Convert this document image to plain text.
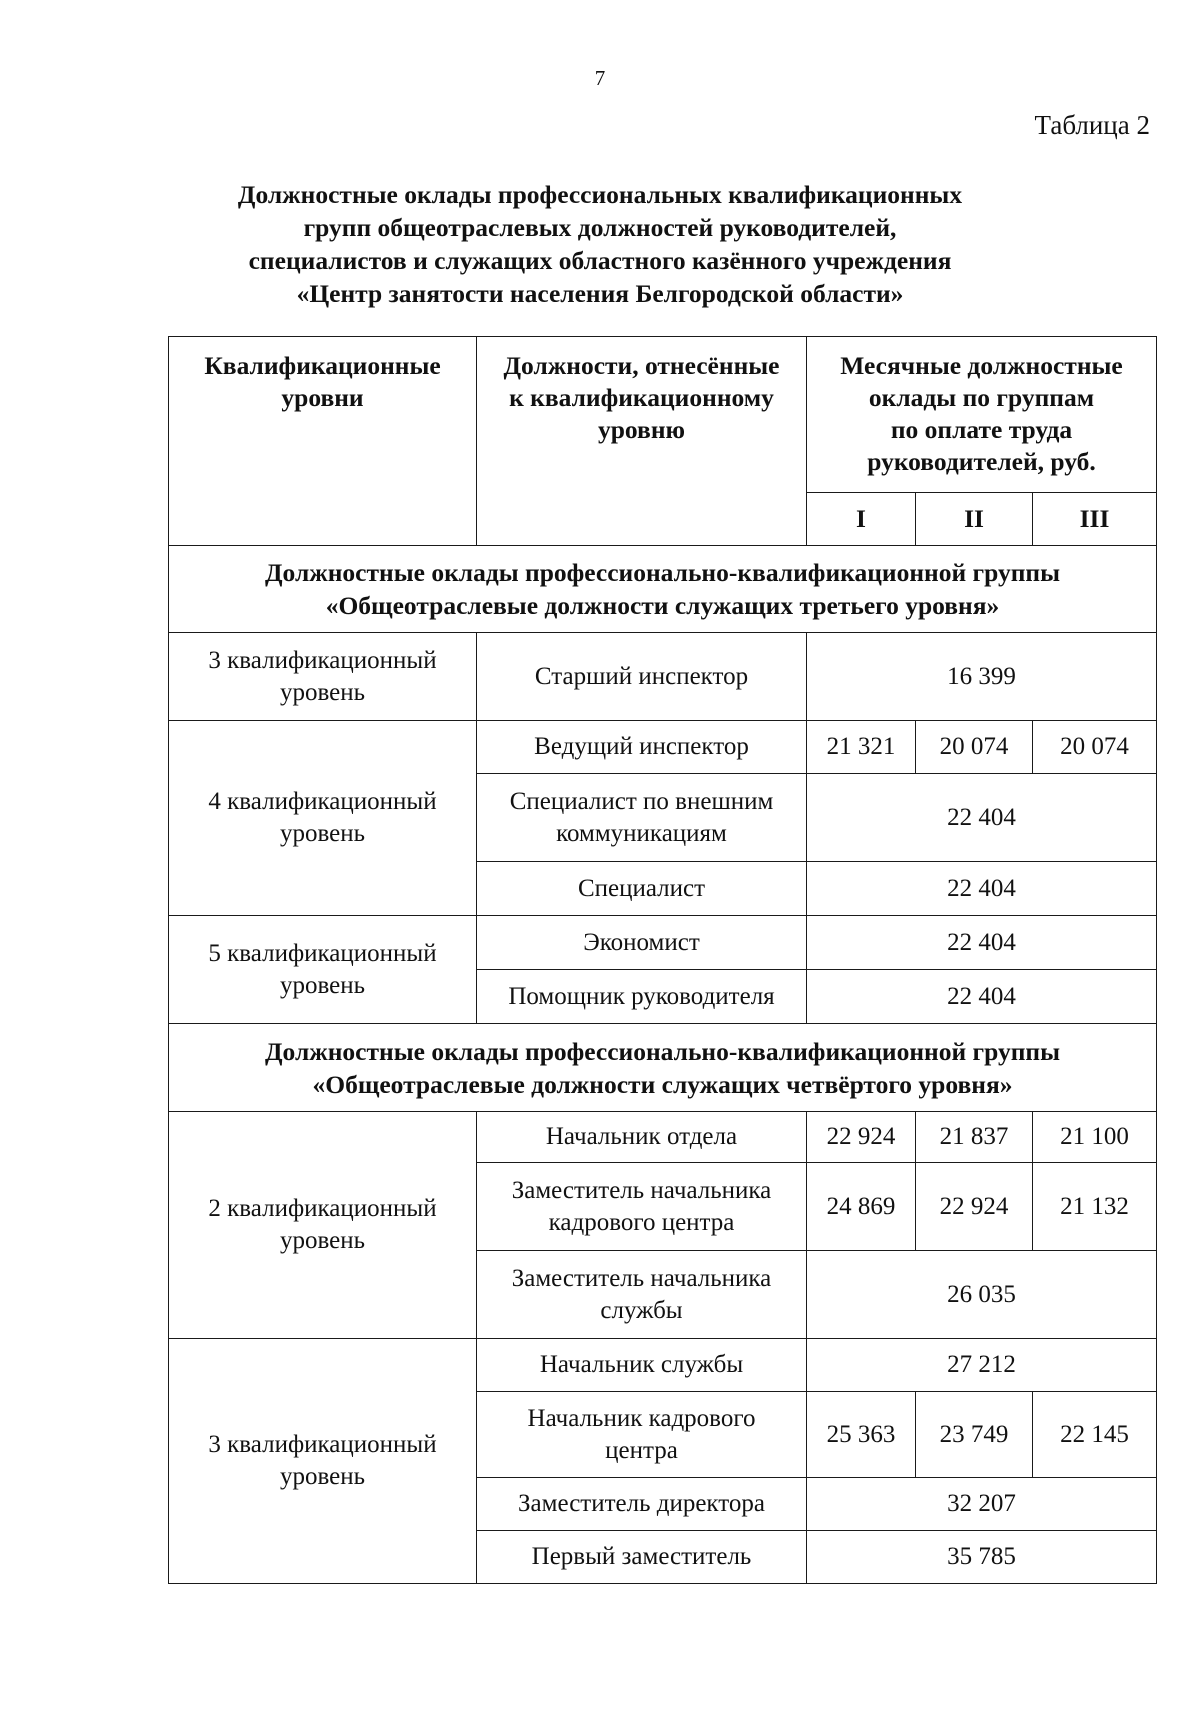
7
Таблица 2
Должностные оклады профессиональных квалификационных
групп общеотраслевых должностей руководителей,
специалистов и служащих областного казённого учреждения
«Центр занятости населения Белгородской области»
Квалификационные
уровни	Должности, отнесённые
к квалификационному
уровню	Месячные должностные
оклады по группам
по оплате труда
руководителей, руб.		

		I	II	III

Должностные оклады профессионально-квалификационной группы
«Общеотраслевые должности служащих третьего уровня»				

3 квалификационный
уровень	Старший инспектор	16 399		

4 квалификационный
уровень	Ведущий инспектор	21 321	20 074	20 074

	Специалист по внешним
коммуникациям	22 404		

	Специалист	22 404		

5 квалификационный
уровень	Экономист	22 404		

	Помощник руководителя	22 404		

Должностные оклады профессионально-квалификационной группы
«Общеотраслевые должности служащих четвёртого уровня»				

2 квалификационный
уровень	Начальник отдела	22 924	21 837	21 100

	Заместитель начальника
кадрового центра	24 869	22 924	21 132

	Заместитель начальника
службы	26 035		

3 квалификационный
уровень	Начальник службы	27 212		

	Начальник кадрового
центра	25 363	23 749	22 145

	Заместитель директора	32 207		

	Первый заместитель	35 785		
